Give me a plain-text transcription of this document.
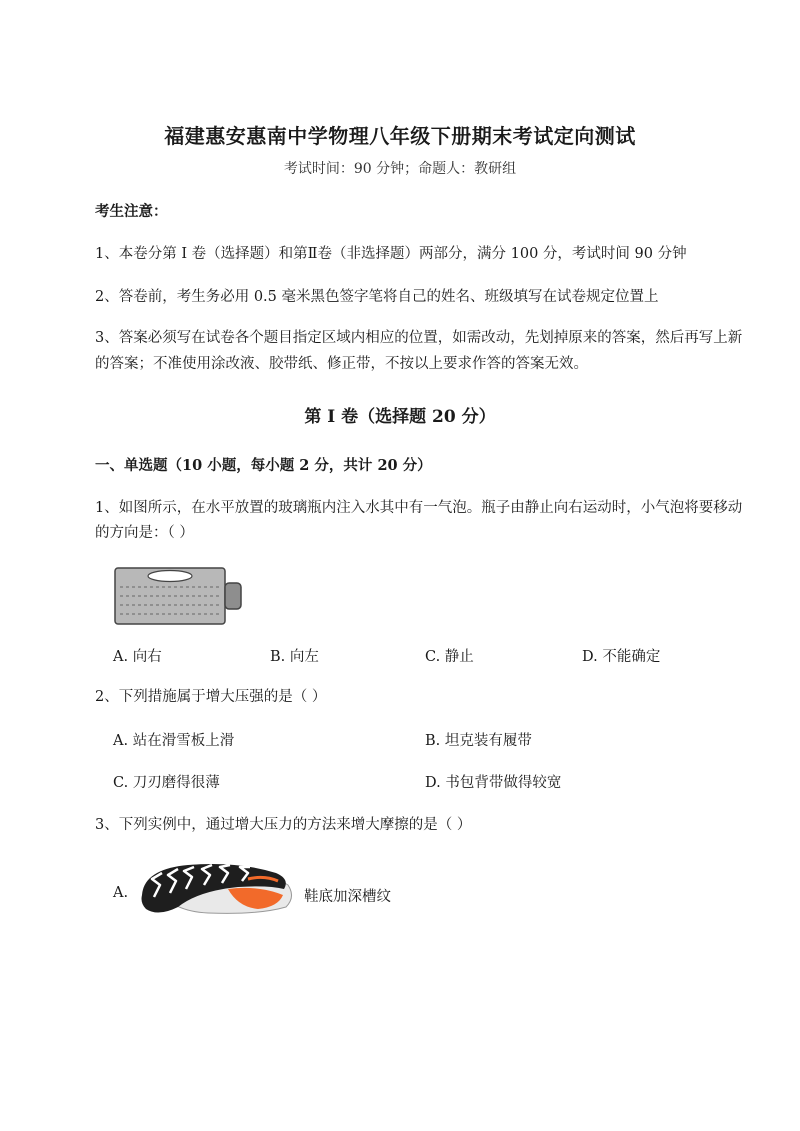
福建惠安惠南中学物理八年级下册期末考试定向测试
考试时间：90 分钟；命题人：教研组
考生注意：
1、本卷分第 I 卷（选择题）和第Ⅱ卷（非选择题）两部分，满分 100 分，考试时间 90 分钟
2、答卷前，考生务必用 0.5 毫米黑色签字笔将自己的姓名、班级填写在试卷规定位置上
3、答案必须写在试卷各个题目指定区域内相应的位置，如需改动，先划掉原来的答案，然后再写上新
的答案；不准使用涂改液、胶带纸、修正带，不按以上要求作答的答案无效。
第 I 卷（选择题 20 分）
一、单选题（10 小题，每小题 2 分，共计 20 分）
1、如图所示，在水平放置的玻璃瓶内注入水其中有一气泡。瓶子由静止向右运动时，小气泡将要移动
的方向是：（ ）
A. 向右	B. 向左	C. 静止	D. 不能确定
2、下列措施属于增大压强的是（ ）
A. 站在滑雪板上滑	B. 坦克装有履带
C. 刀刃磨得很薄	D. 书包背带做得较宽
3、下列实例中，通过增大压力的方法来增大摩擦的是（ ）
A.	鞋底加深槽纹
